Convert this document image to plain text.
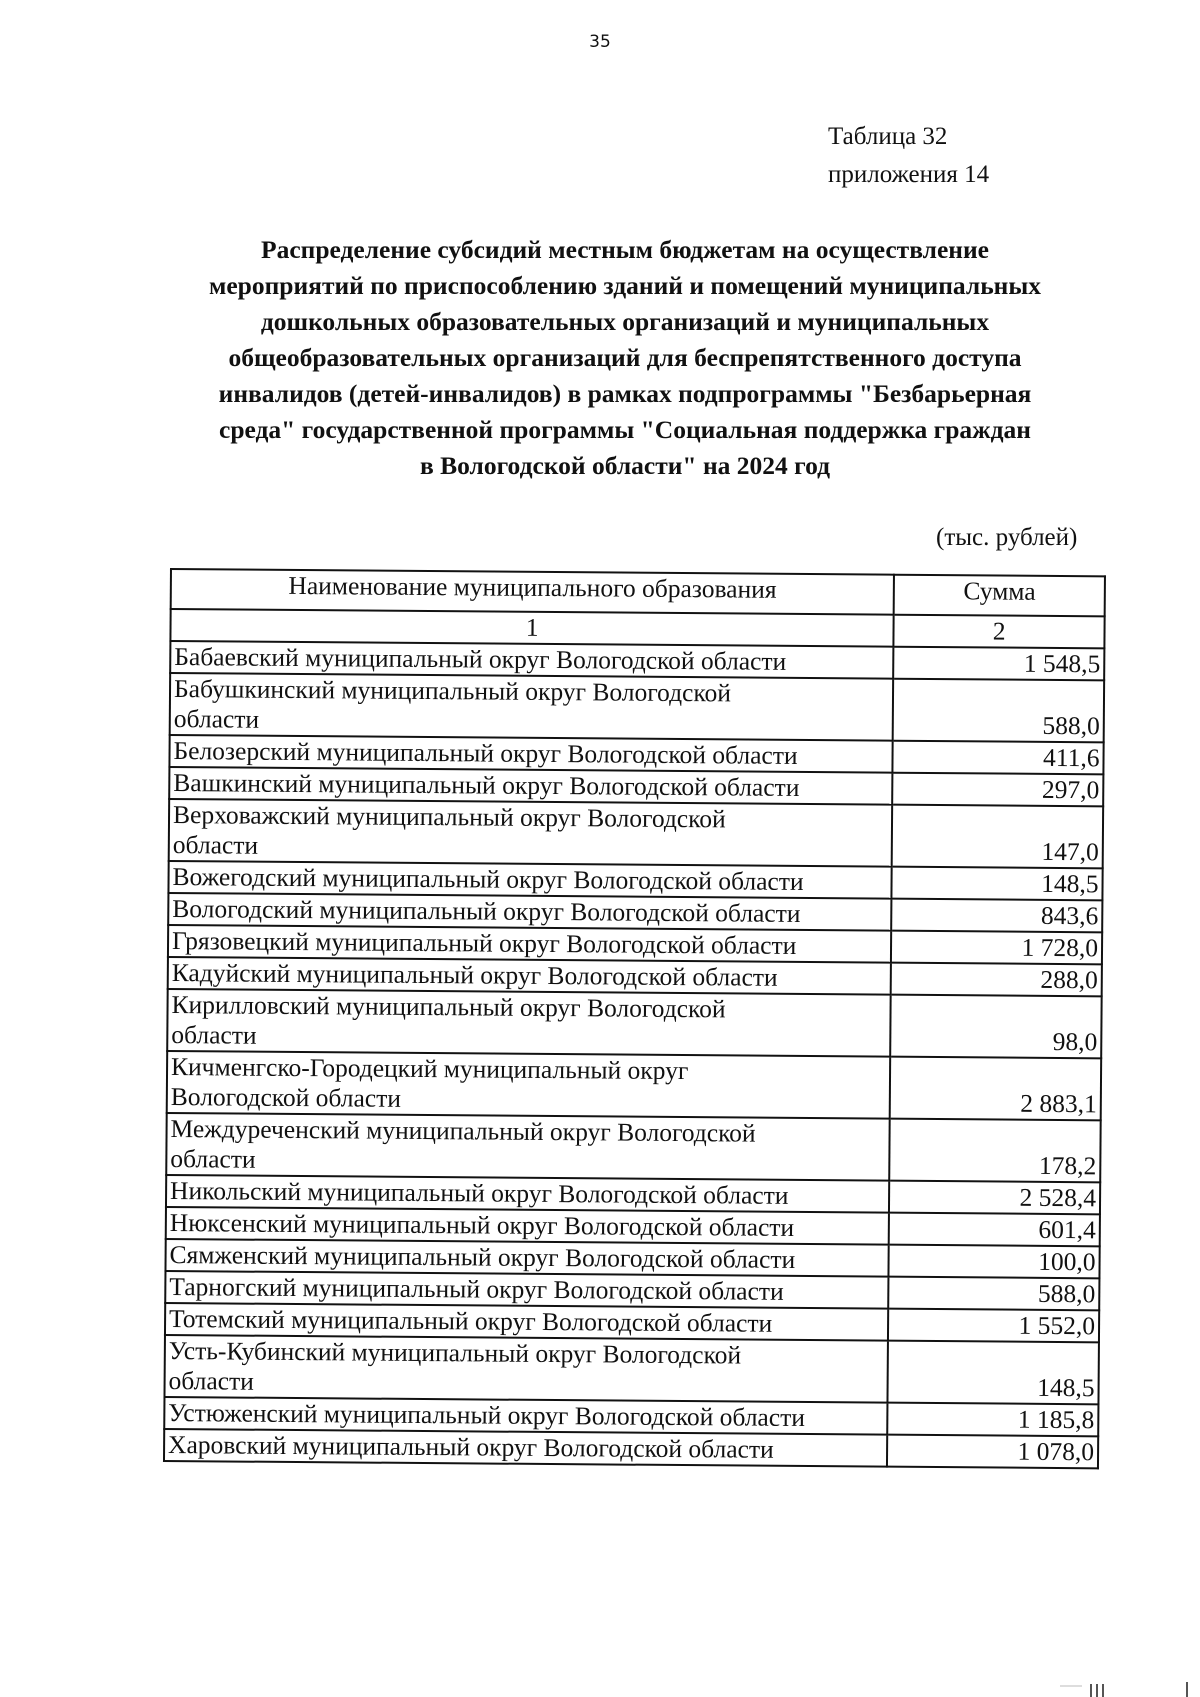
35
Таблица 32
приложения 14
Распределение субсидий местным бюджетам на осуществление
мероприятий по приспособлению зданий и помещений муниципальных
дошкольных образовательных организаций и муниципальных
общеобразовательных организаций для беспрепятственного доступа
инвалидов (детей-инвалидов) в рамках подпрограммы "Безбарьерная
среда" государственной программы "Социальная поддержка граждан
в Вологодской области" на 2024 год
(тыс. рублей)
Наименование муниципального образования	Сумма
1	2

Бабаевский муниципальный округ Вологодской области	1 548,5

Бабушкинский муниципальный округ Вологодской
области	588,0

Белозерский муниципальный округ Вологодской области	411,6

Вашкинский муниципальный округ Вологодской области	297,0

Верховажский муниципальный округ Вологодской
области	147,0

Вожегодский муниципальный округ Вологодской области	148,5

Вологодский муниципальный округ Вологодской области	843,6

Грязовецкий муниципальный округ Вологодской области	1 728,0

Кадуйский муниципальный округ Вологодской области	288,0

Кирилловский муниципальный округ Вологодской
области	98,0

Кичменгско-Городецкий муниципальный округ
Вологодской области	2 883,1

Междуреченский муниципальный округ Вологодской
области	178,2

Никольский муниципальный округ Вологодской области	2 528,4

Нюксенский муниципальный округ Вологодской области	601,4

Сямженский муниципальный округ Вологодской области	100,0

Тарногский муниципальный округ Вологодской области	588,0

Тотемский муниципальный округ Вологодской области	1 552,0

Усть-Кубинский муниципальный округ Вологодской
области	148,5

Устюженский муниципальный округ Вологодской области	1 185,8

Харовский муниципальный округ Вологодской области	1 078,0
